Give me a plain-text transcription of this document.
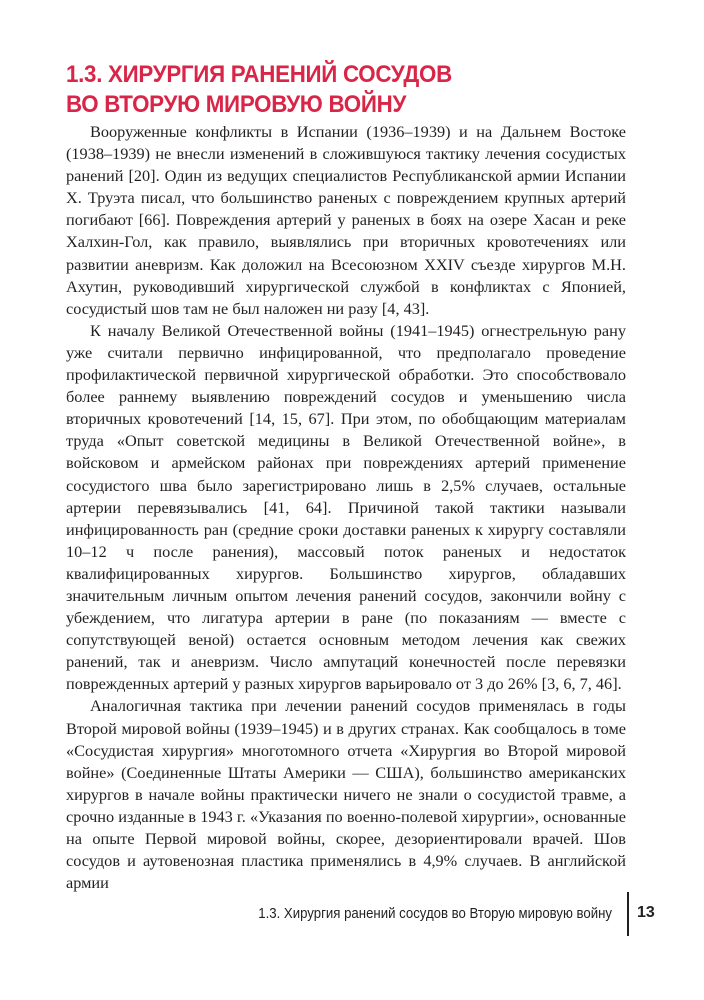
1.3. ХИРУРГИЯ РАНЕНИЙ СОСУДОВ
ВО ВТОРУЮ МИРОВУЮ ВОЙНУ

Вооруженные конфликты в Испании (1936–1939) и на Дальнем Востоке (1938–1939) не внесли изменений в сложившуюся тактику лечения сосудистых ранений [20]. Один из ведущих специалистов Республиканской армии Испании Х. Труэта писал, что большинство раненых с повреждением крупных артерий погибают [66]. Повреждения артерий у раненых в боях на озере Хасан и реке Халхин-Гол, как правило, выявлялись при вторичных кровотечениях или развитии аневризм. Как доложил на Всесоюзном XXIV съезде хирургов М.Н. Ахутин, руководивший хирургической службой в конфликтах с Японией, сосудистый шов там не был наложен ни разу [4, 43].

К началу Великой Отечественной войны (1941–1945) огнестрельную рану уже считали первично инфицированной, что предполагало проведение профилактической первичной хирургической обработки. Это способствовало более раннему выявлению повреждений сосудов и уменьшению числа вторичных кровотечений [14, 15, 67]. При этом, по обобщающим материалам труда «Опыт советской медицины в Великой Отечественной войне», в войсковом и армейском районах при повреждениях артерий применение сосудистого шва было зарегистрировано лишь в 2,5% случаев, остальные артерии перевязывались [41, 64]. Причиной такой тактики называли инфицированность ран (средние сроки доставки раненых к хирургу составляли 10–12 ч после ранения), массовый поток раненых и недостаток квалифицированных хирургов. Большинство хирургов, обладавших значительным личным опытом лечения ранений сосудов, закончили войну с убеждением, что лигатура артерии в ране (по показаниям — вместе с сопутствующей веной) остается основным методом лечения как свежих ранений, так и аневризм. Число ампутаций конечностей после перевязки поврежденных артерий у разных хирургов варьировало от 3 до 26% [3, 6, 7, 46].

Аналогичная тактика при лечении ранений сосудов применялась в годы Второй мировой войны (1939–1945) и в других странах. Как сообщалось в томе «Сосудистая хирургия» многотомного отчета «Хирургия во Второй мировой войне» (Соединенные Штаты Америки — США), большинство американских хирургов в начале войны практически ничего не знали о сосудистой травме, а срочно изданные в 1943 г. «Указания по военно-полевой хирургии», основанные на опыте Первой мировой войны, скорее, дезориентировали врачей. Шов сосудов и аутовенозная пластика применялись в 4,9% случаев. В английской армии

1.3. Хирургия ранений сосудов во Вторую мировую войну 13
